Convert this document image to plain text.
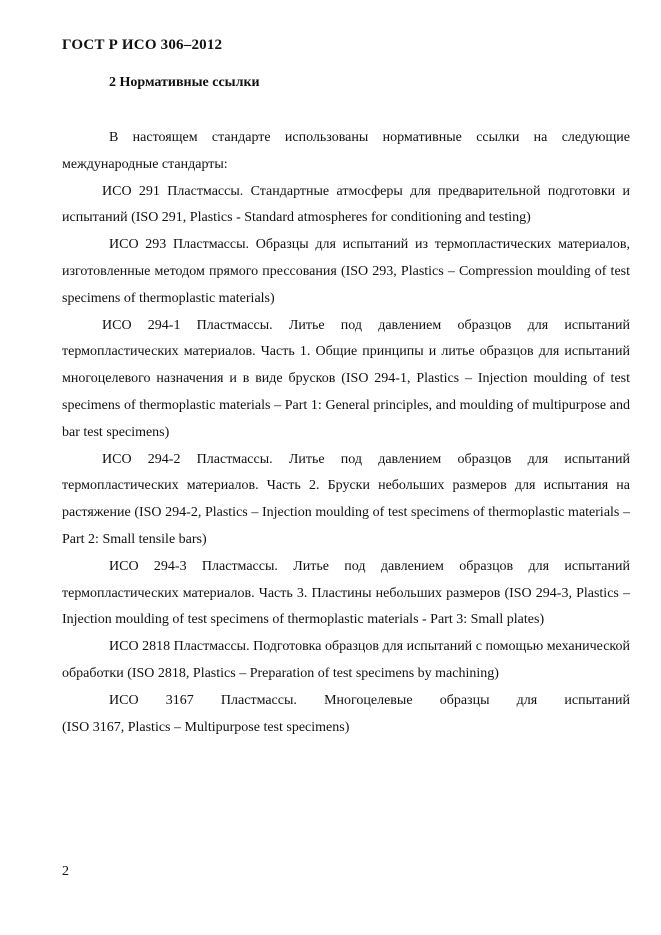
ГОСТ Р ИСО 306–2012
2 Нормативные ссылки

В настоящем стандарте использованы нормативные ссылки на следующие международные стандарты:

ИСО 291 Пластмассы. Стандартные атмосферы для предварительной подготовки и испытаний (ISO 291, Plastics - Standard atmospheres for conditioning and testing)

ИСО 293 Пластмассы. Образцы для испытаний из термопластических материалов, изготовленные методом прямого прессования (ISO 293, Plastics – Compression moulding of test specimens of thermoplastic materials)

ИСО 294-1 Пластмассы. Литье под давлением образцов для испытаний термопластических материалов. Часть 1. Общие принципы и литье образцов для испытаний многоцелевого назначения и в виде брусков (ISO 294-1, Plastics – Injection moulding of test specimens of thermoplastic materials – Part 1: General principles, and moulding of multipurpose and bar test specimens)

ИСО 294-2 Пластмассы. Литье под давлением образцов для испытаний термопластических материалов. Часть 2. Бруски небольших размеров для испытания на растяжение (ISO 294-2, Plastics – Injection moulding of test specimens of thermoplastic materials – Part 2: Small tensile bars)

ИСО 294-3 Пластмассы. Литье под давлением образцов для испытаний термопластических материалов. Часть 3. Пластины небольших размеров (ISO 294-3, Plastics – Injection moulding of test specimens of thermoplastic materials - Part 3: Small plates)

ИСО 2818 Пластмассы. Подготовка образцов для испытаний с помощью механической обработки (ISO 2818, Plastics – Preparation of test specimens by machining)

ИСО 3167 Пластмассы. Многоцелевые образцы для испытаний

(ISO 3167, Plastics – Multipurpose test specimens)

2
